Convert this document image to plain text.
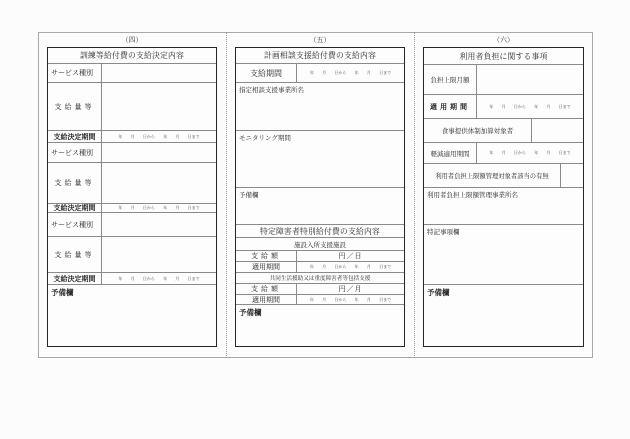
（四）	（五）	（六）
訓練等給付費の支給決定内容
サービス種別
支給量等
支給決定期間	年 月 日から 年 月 日まで
サービス種別
支給量等
支給決定期間	年 月 日から 年 月 日まで
サービス種別
支給量等
支給決定期間	年 月 日から 年 月 日まで
予備欄
計画相談支援給付費の支給内容
支給期間	年 月 日から 年 月 日まで
指定相談支援事業所名
モニタリング期間
予備欄
特定障害者特別給付費の支給内容
施設入所支援施設
支給額	円／日
適用期間	年 月 日から 年 月 日まで
共同生活援助又は重度障害者等包括支援
支給額	円／月
適用期間	年 月 日から 年 月 日まで
予備欄
利用者負担に関する事項
負担上限月額
適用期間	年 月 日から 年 月 日まで
食事提供体制加算対象者
軽減適用期間	年 月 日から 年 月 日まで
利用者負担上限額管理対象者該当の有無
利用者負担上限額管理事業所名
特記事項欄
予備欄
